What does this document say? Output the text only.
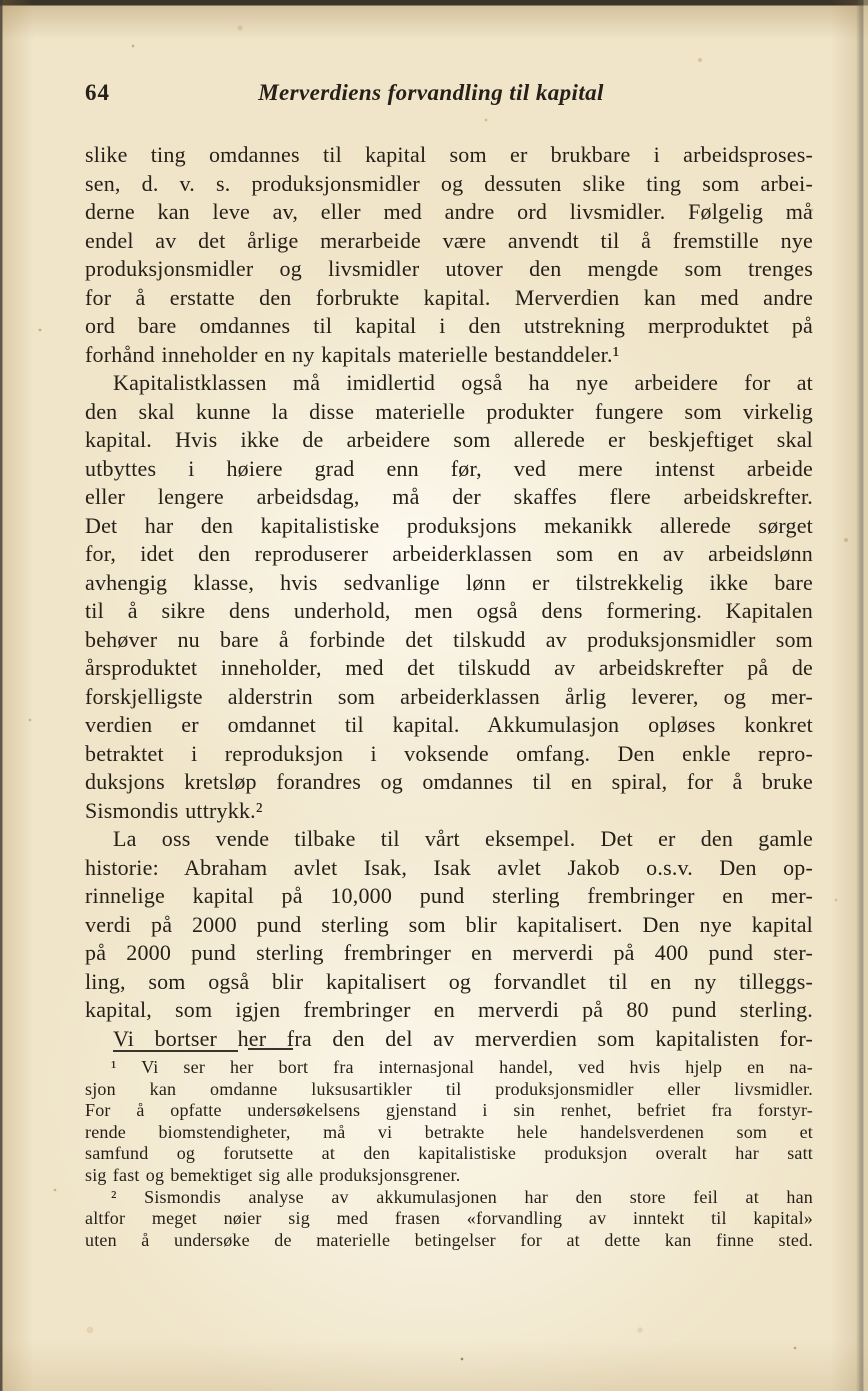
64	Merverdiens forvandling til kapital
slike ting omdannes til kapital som er brukbare i arbeidsproses-
sen, d. v. s. produksjonsmidler og dessuten slike ting som arbei-
derne kan leve av, eller med andre ord livsmidler. Følgelig må
endel av det årlige merarbeide være anvendt til å fremstille nye
produksjonsmidler og livsmidler utover den mengde som trenges
for å erstatte den forbrukte kapital. Merverdien kan med andre
ord bare omdannes til kapital i den utstrekning merproduktet på
forhånd inneholder en ny kapitals materielle bestanddeler.¹
Kapitalistklassen må imidlertid også ha nye arbeidere for at
den skal kunne la disse materielle produkter fungere som virkelig
kapital. Hvis ikke de arbeidere som allerede er beskjeftiget skal
utbyttes i høiere grad enn før, ved mere intenst arbeide
eller lengere arbeidsdag, må der skaffes flere arbeidskrefter.
Det har den kapitalistiske produksjons mekanikk allerede sørget
for, idet den reproduserer arbeiderklassen som en av arbeidslønn
avhengig klasse, hvis sedvanlige lønn er tilstrekkelig ikke bare
til å sikre dens underhold, men også dens formering. Kapitalen
behøver nu bare å forbinde det tilskudd av produksjonsmidler som
årsproduktet inneholder, med det tilskudd av arbeidskrefter på de
forskjelligste alderstrin som arbeiderklassen årlig leverer, og mer-
verdien er omdannet til kapital. Akkumulasjon opløses konkret
betraktet i reproduksjon i voksende omfang. Den enkle repro-
duksjons kretsløp forandres og omdannes til en spiral, for å bruke
Sismondis uttrykk.²
La oss vende tilbake til vårt eksempel. Det er den gamle
historie: Abraham avlet Isak, Isak avlet Jakob o.s.v. Den op-
rinnelige kapital på 10,000 pund sterling frembringer en mer-
verdi på 2000 pund sterling som blir kapitalisert. Den nye kapital
på 2000 pund sterling frembringer en merverdi på 400 pund ster-
ling, som også blir kapitalisert og forvandlet til en ny tilleggs-
kapital, som igjen frembringer en merverdi på 80 pund sterling.
Vi bortser her fra den del av merverdien som kapitalisten for-
¹ Vi ser her bort fra internasjonal handel, ved hvis hjelp en na-
sjon kan omdanne luksusartikler til produksjonsmidler eller livsmidler.
For å opfatte undersøkelsens gjenstand i sin renhet, befriet fra forstyr-
rende biomstendigheter, må vi betrakte hele handelsverdenen som et
samfund og forutsette at den kapitalistiske produksjon overalt har satt
sig fast og bemektiget sig alle produksjonsgrener.
² Sismondis analyse av akkumulasjonen har den store feil at han
altfor meget nøier sig med frasen «forvandling av inntekt til kapital»
uten å undersøke de materielle betingelser for at dette kan finne sted.
